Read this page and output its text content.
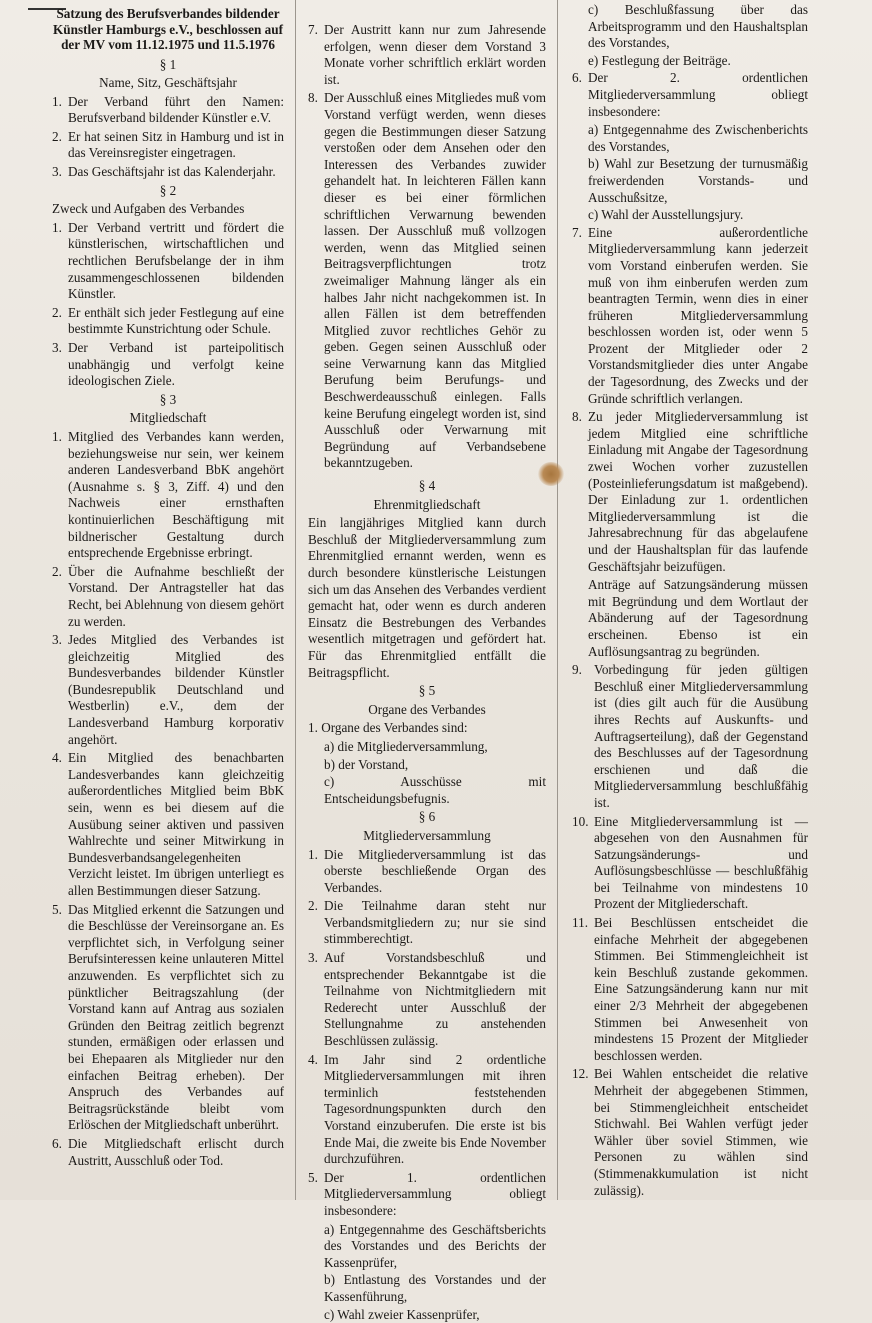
Satzung des Berufsverbandes bildender Künstler Hamburgs e.V., beschlossen auf der MV vom 11.12.1975 und 11.5.1976
§ 1
Name, Sitz, Geschäftsjahr
1. Der Verband führt den Namen: Berufsverband bildender Künstler e.V.
2. Er hat seinen Sitz in Hamburg und ist in das Vereinsregister eingetragen.
3. Das Geschäftsjahr ist das Kalenderjahr.
§ 2
Zweck und Aufgaben des Verbandes
1. Der Verband vertritt und fördert die künstlerischen, wirtschaftlichen und rechtlichen Berufsbelange der in ihm zusammengeschlossenen bildenden Künstler.
2. Er enthält sich jeder Festlegung auf eine bestimmte Kunstrichtung oder Schule.
3. Der Verband ist parteipolitisch unabhängig und verfolgt keine ideologischen Ziele.
§ 3
Mitgliedschaft
1. Mitglied des Verbandes kann werden, beziehungsweise nur sein, wer keinem anderen Landesverband BbK angehört (Ausnahme s. § 3, Ziff. 4) und den Nachweis einer ernsthaften kontinuierlichen Beschäftigung mit bildnerischer Gestaltung durch entsprechende Ergebnisse erbringt.
2. Über die Aufnahme beschließt der Vorstand. Der Antragsteller hat das Recht, bei Ablehnung von diesem gehört zu werden.
3. Jedes Mitglied des Verbandes ist gleichzeitig Mitglied des Bundesverbandes bildender Künstler (Bundesrepublik Deutschland und Westberlin) e.V., dem der Landesverband Hamburg korporativ angehört.
4. Ein Mitglied des benachbarten Landesverbandes kann gleichzeitig außerordentliches Mitglied beim BbK sein, wenn es bei diesem auf die Ausübung seiner aktiven und passiven Wahlrechte und seiner Mitwirkung in Bundesverbandsangelegenheiten Verzicht leistet. Im übrigen unterliegt es allen Bestimmungen dieser Satzung.
5. Das Mitglied erkennt die Satzungen und die Beschlüsse der Vereinsorgane an. Es verpflichtet sich, in Verfolgung seiner Berufsinteressen keine unlauteren Mittel anzuwenden. Es verpflichtet sich zu pünktlicher Beitragszahlung (der Vorstand kann auf Antrag aus sozialen Gründen den Beitrag zeitlich begrenzt stunden, ermäßigen oder erlassen und bei Ehepaaren als Mitglieder nur den einfachen Beitrag erheben). Der Anspruch des Verbandes auf Beitragsrückstände bleibt vom Erlöschen der Mitgliedschaft unberührt.
6. Die Mitgliedschaft erlischt durch Austritt, Ausschluß oder Tod.
7. Der Austritt kann nur zum Jahresende erfolgen, wenn dieser dem Vorstand 3 Monate vorher schriftlich erklärt worden ist.
8. Der Ausschluß eines Mitgliedes muß vom Vorstand verfügt werden, wenn dieses gegen die Bestimmungen dieser Satzung verstoßen oder dem Ansehen oder den Interessen des Verbandes zuwider gehandelt hat. In leichteren Fällen kann dieser es bei einer förmlichen schriftlichen Verwarnung bewenden lassen. Der Ausschluß muß vollzogen werden, wenn das Mitglied seinen Beitragsverpflichtungen trotz zweimaliger Mahnung länger als ein halbes Jahr nicht nachgekommen ist. In allen Fällen ist dem betreffenden Mitglied zuvor rechtliches Gehör zu geben. Gegen seinen Ausschluß oder seine Verwarnung kann das Mitglied Berufung beim Berufungs- und Beschwerdeausschuß einlegen. Falls keine Berufung eingelegt worden ist, sind Ausschluß oder Verwarnung mit Begründung auf Verbandsebene bekanntzugeben.
§ 4
Ehrenmitgliedschaft
Ein langjähriges Mitglied kann durch Beschluß der Mitgliederversammlung zum Ehrenmitglied ernannt werden, wenn es durch besondere künstlerische Leistungen sich um das Ansehen des Verbandes verdient gemacht hat, oder wenn es durch anderen Einsatz die Bestrebungen des Verbandes wesentlich mitgetragen und gefördert hat. Für das Ehrenmitglied entfällt die Beitragspflicht.
§ 5
Organe des Verbandes
1. Organe des Verbandes sind:
a) die Mitgliederversammlung,
b) der Vorstand,
c) Ausschüsse mit Entscheidungsbefugnis.
§ 6
Mitgliederversammlung
1. Die Mitgliederversammlung ist das oberste beschließende Organ des Verbandes.
2. Die Teilnahme daran steht nur Verbandsmitgliedern zu; nur sie sind stimmberechtigt.
3. Auf Vorstandsbeschluß und entsprechender Bekanntgabe ist die Teilnahme von Nichtmitgliedern mit Rederecht unter Ausschluß der Stellungnahme zu anstehenden Beschlüssen zulässig.
4. Im Jahr sind 2 ordentliche Mitgliederversammlungen mit ihren terminlich feststehenden Tagesordnungspunkten durch den Vorstand einzuberufen. Die erste ist bis Ende Mai, die zweite bis Ende November durchzuführen.
5. Der 1. ordentlichen Mitgliederversammlung obliegt insbesondere:
a) Entgegennahme des Geschäftsberichts des Vorstandes und des Berichts der Kassenprüfer,
b) Entlastung des Vorstandes und der Kassenführung,
c) Wahl zweier Kassenprüfer,
c) Beschlußfassung über das Arbeitsprogramm und den Haushaltsplan des Vorstandes,
e) Festlegung der Beiträge.
6. Der 2. ordentlichen Mitgliederversammlung obliegt insbesondere:
a) Entgegennahme des Zwischenberichts des Vorstandes,
b) Wahl zur Besetzung der turnusmäßig freiwerdenden Vorstands- und Ausschußsitze,
c) Wahl der Ausstellungsjury.
7. Eine außerordentliche Mitgliederversammlung kann jederzeit vom Vorstand einberufen werden. Sie muß von ihm einberufen werden zum beantragten Termin, wenn dies in einer früheren Mitgliederversammlung beschlossen worden ist, oder wenn 5 Prozent der Mitglieder oder 2 Vorstandsmitglieder dies unter Angabe der Tagesordnung, des Zwecks und der Gründe schriftlich verlangen.
8. Zu jeder Mitgliederversammlung ist jedem Mitglied eine schriftliche Einladung mit Angabe der Tagesordnung zwei Wochen vorher zuzustellen (Posteinlieferungsdatum ist maßgebend). Der Einladung zur 1. ordentlichen Mitgliederversammlung ist die Jahresabrechnung für das abgelaufene und der Haushaltsplan für das laufende Geschäftsjahr beizufügen.
Anträge auf Satzungsänderung müssen mit Begründung und dem Wortlaut der Abänderung auf der Tagesordnung erscheinen. Ebenso ist ein Auflösungsantrag zu begründen.
9. Vorbedingung für jeden gültigen Beschluß einer Mitgliederversammlung ist (dies gilt auch für die Ausübung ihres Rechts auf Auskunfts- und Auftragserteilung), daß der Gegenstand des Beschlusses auf der Tagesordnung erschienen und daß die Mitgliederversammlung beschlußfähig ist.
10. Eine Mitgliederversammlung ist — abgesehen von den Ausnahmen für Satzungsänderungs- und Auflösungsbeschlüsse — beschlußfähig bei Teilnahme von mindestens 10 Prozent der Mitgliederschaft.
11. Bei Beschlüssen entscheidet die einfache Mehrheit der abgegebenen Stimmen. Bei Stimmengleichheit ist kein Beschluß zustande gekommen. Eine Satzungsänderung kann nur mit einer 2/3 Mehrheit der abgegebenen Stimmen bei Anwesenheit von mindestens 15 Prozent der Mitglieder beschlossen werden.
12. Bei Wahlen entscheidet die relative Mehrheit der abgegebenen Stimmen, bei Stimmengleichheit entscheidet Stichwahl. Bei Wahlen verfügt jeder Wähler über soviel Stimmen, wie Personen zu wählen sind (Stimmenakkumulation ist nicht zulässig).
